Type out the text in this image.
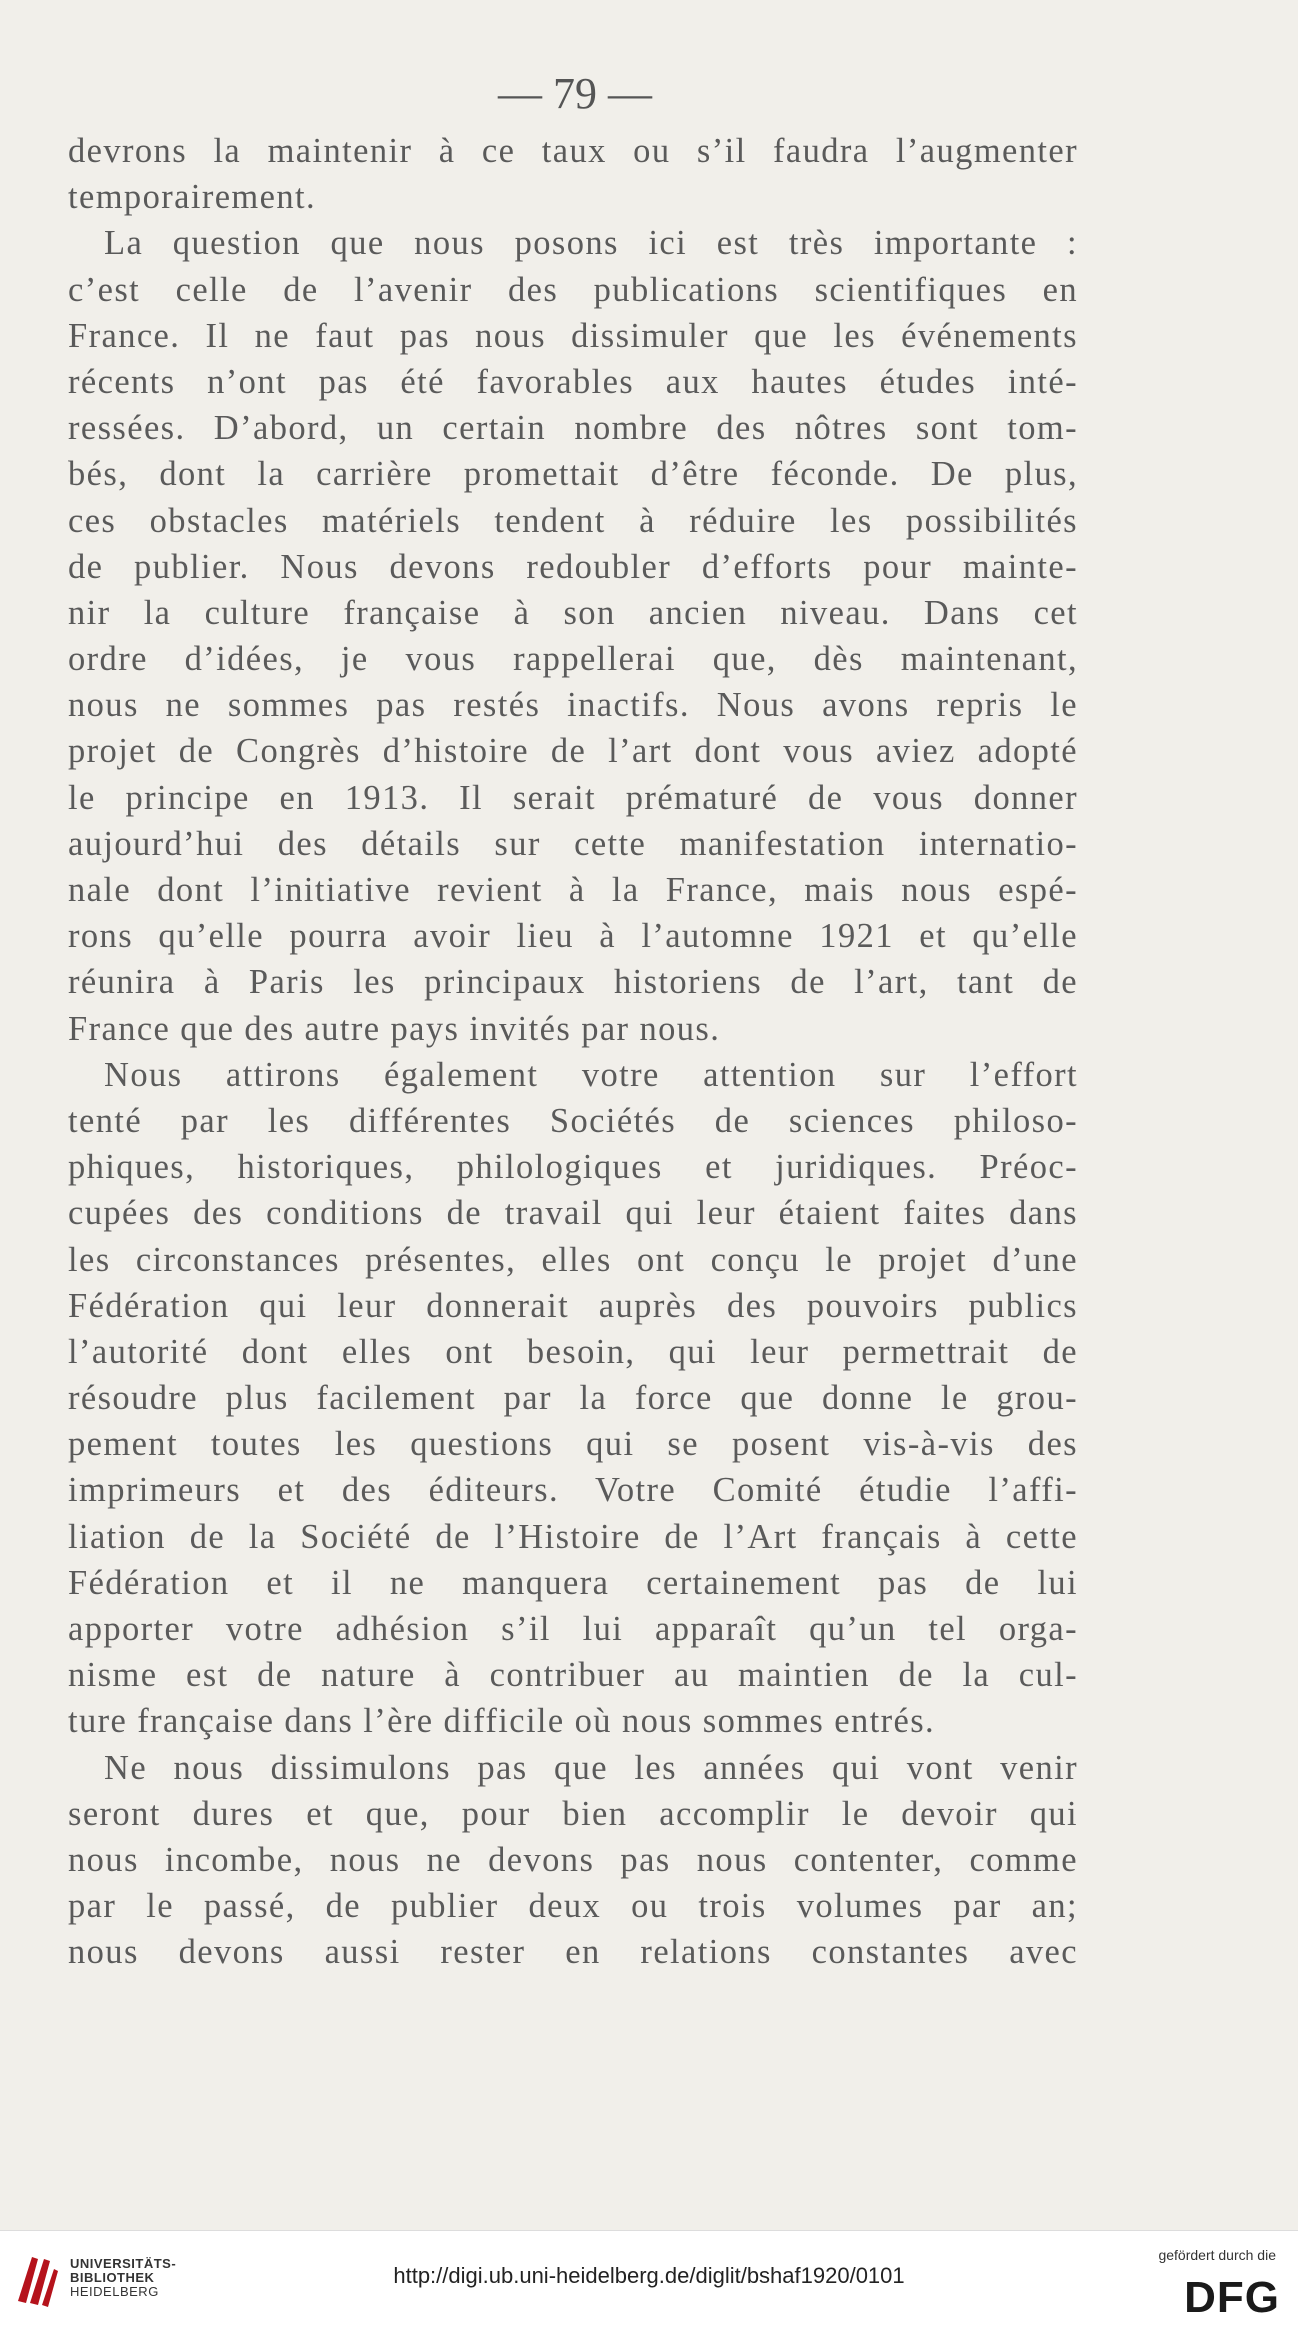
— 79 —
devrons la maintenir à ce taux ou s’il faudra l’augmenter
temporairement.
La question que nous posons ici est très importante :
c’est celle de l’avenir des publications scientifiques en
France. Il ne faut pas nous dissimuler que les événements
récents n’ont pas été favorables aux hautes études inté-
ressées. D’abord, un certain nombre des nôtres sont tom-
bés, dont la carrière promettait d’être féconde. De plus,
ces obstacles matériels tendent à réduire les possibilités
de publier. Nous devons redoubler d’efforts pour mainte-
nir la culture française à son ancien niveau. Dans cet
ordre d’idées, je vous rappellerai que, dès maintenant,
nous ne sommes pas restés inactifs. Nous avons repris le
projet de Congrès d’histoire de l’art dont vous aviez adopté
le principe en 1913. Il serait prématuré de vous donner
aujourd’hui des détails sur cette manifestation internatio-
nale dont l’initiative revient à la France, mais nous espé-
rons qu’elle pourra avoir lieu à l’automne 1921 et qu’elle
réunira à Paris les principaux historiens de l’art, tant de
France que des autre pays invités par nous.
Nous attirons également votre attention sur l’effort
tenté par les différentes Sociétés de sciences philoso-
phiques, historiques, philologiques et juridiques. Préoc-
cupées des conditions de travail qui leur étaient faites dans
les circonstances présentes, elles ont conçu le projet d’une
Fédération qui leur donnerait auprès des pouvoirs publics
l’autorité dont elles ont besoin, qui leur permettrait de
résoudre plus facilement par la force que donne le grou-
pement toutes les questions qui se posent vis-à-vis des
imprimeurs et des éditeurs. Votre Comité étudie l’affi-
liation de la Société de l’Histoire de l’Art français à cette
Fédération et il ne manquera certainement pas de lui
apporter votre adhésion s’il lui apparaît qu’un tel orga-
nisme est de nature à contribuer au maintien de la cul-
ture française dans l’ère difficile où nous sommes entrés.
Ne nous dissimulons pas que les années qui vont venir
seront dures et que, pour bien accomplir le devoir qui
nous incombe, nous ne devons pas nous contenter, comme
par le passé, de publier deux ou trois volumes par an;
nous devons aussi rester en relations constantes avec
UNIVERSITÄTS-
BIBLIOTHEK
HEIDELBERG
http://digi.ub.uni-heidelberg.de/diglit/bshaf1920/0101
gefördert durch die
DFG
